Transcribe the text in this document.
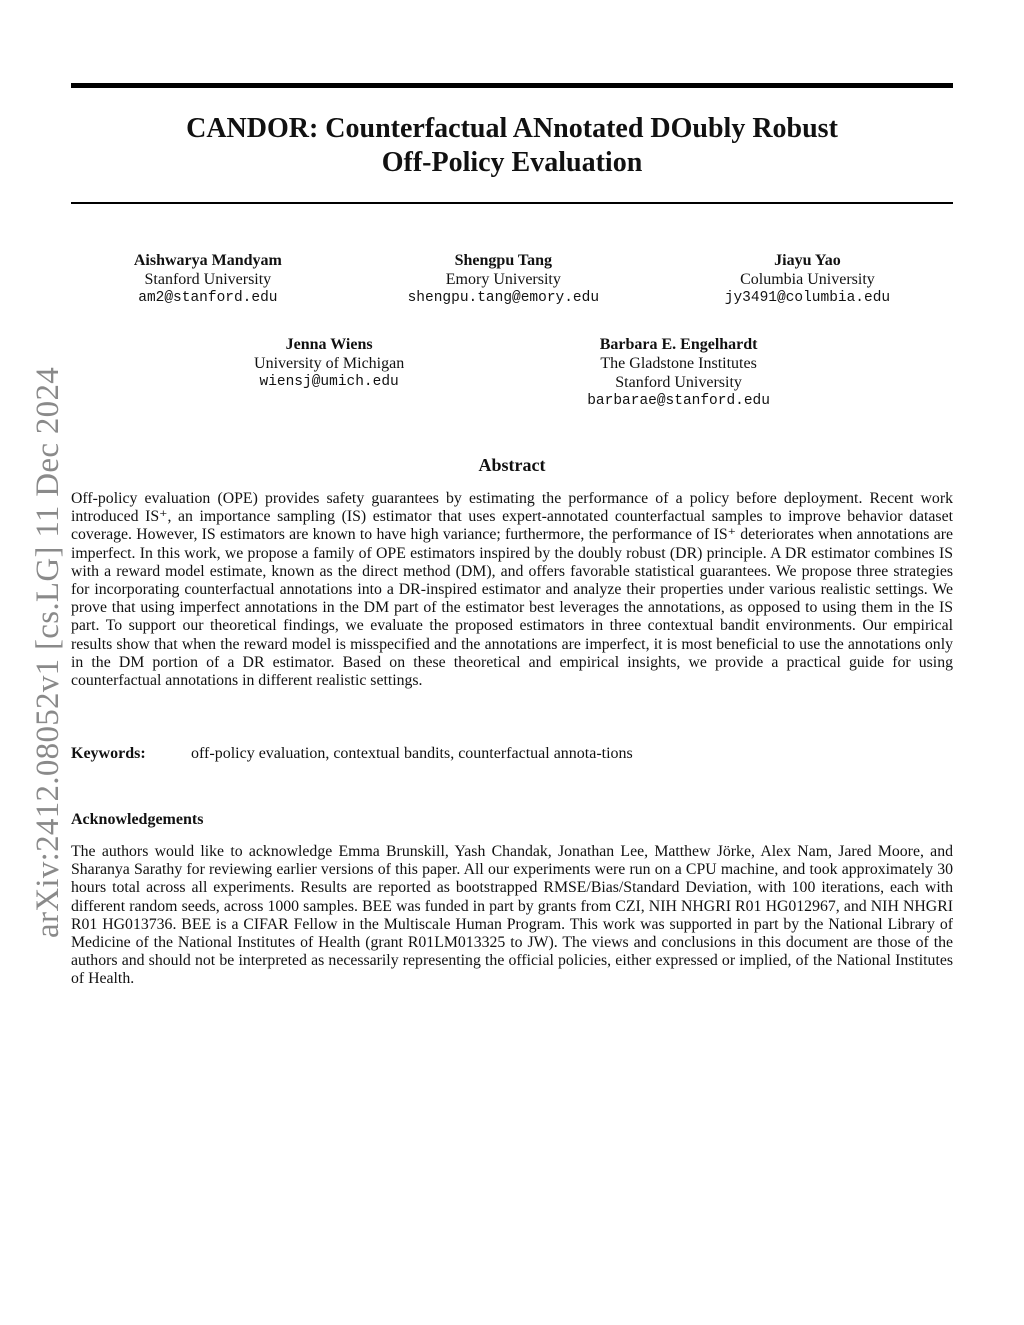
arXiv:2412.08052v1 [cs.LG] 11 Dec 2024
CANDOR: Counterfactual ANnotated DOubly Robust
Off-Policy Evaluation
Aishwarya Mandyam
Stanford University
am2@stanford.edu
Shengpu Tang
Emory University
shengpu.tang@emory.edu
Jiayu Yao
Columbia University
jy3491@columbia.edu
Jenna Wiens
University of Michigan
wiensj@umich.edu
Barbara E. Engelhardt
The Gladstone Institutes
Stanford University
barbarae@stanford.edu
Abstract
Off-policy evaluation (OPE) provides safety guarantees by estimating the performance of a policy before deployment. Recent work introduced IS⁺, an importance sampling (IS) estimator that uses expert-annotated counterfactual samples to improve behavior dataset coverage. However, IS estimators are known to have high variance; furthermore, the performance of IS⁺ deteriorates when annotations are imperfect. In this work, we propose a family of OPE estimators inspired by the doubly robust (DR) principle. A DR estimator combines IS with a reward model estimate, known as the direct method (DM), and offers favorable statistical guarantees. We propose three strategies for incorporating counterfactual annotations into a DR-inspired estimator and analyze their properties under various realistic settings. We prove that using imperfect annotations in the DM part of the estimator best leverages the annotations, as opposed to using them in the IS part. To support our theoretical findings, we evaluate the proposed estimators in three contextual bandit environments. Our empirical results show that when the reward model is misspecified and the annotations are imperfect, it is most beneficial to use the annotations only in the DM portion of a DR estimator. Based on these theoretical and empirical insights, we provide a practical guide for using counterfactual annotations in different realistic settings.
Keywords:	off-policy evaluation, contextual bandits, counterfactual annota-tions
Acknowledgements
The authors would like to acknowledge Emma Brunskill, Yash Chandak, Jonathan Lee, Matthew Jörke, Alex Nam, Jared Moore, and Sharanya Sarathy for reviewing earlier versions of this paper. All our experiments were run on a CPU machine, and took approximately 30 hours total across all experiments. Results are reported as bootstrapped RMSE/Bias/Standard Deviation, with 100 iterations, each with different random seeds, across 1000 samples. BEE was funded in part by grants from CZI, NIH NHGRI R01 HG012967, and NIH NHGRI R01 HG013736. BEE is a CIFAR Fellow in the Multiscale Human Program. This work was supported in part by the National Library of Medicine of the National Institutes of Health (grant R01LM013325 to JW). The views and conclusions in this document are those of the authors and should not be interpreted as necessarily representing the official policies, either expressed or implied, of the National Institutes of Health.
